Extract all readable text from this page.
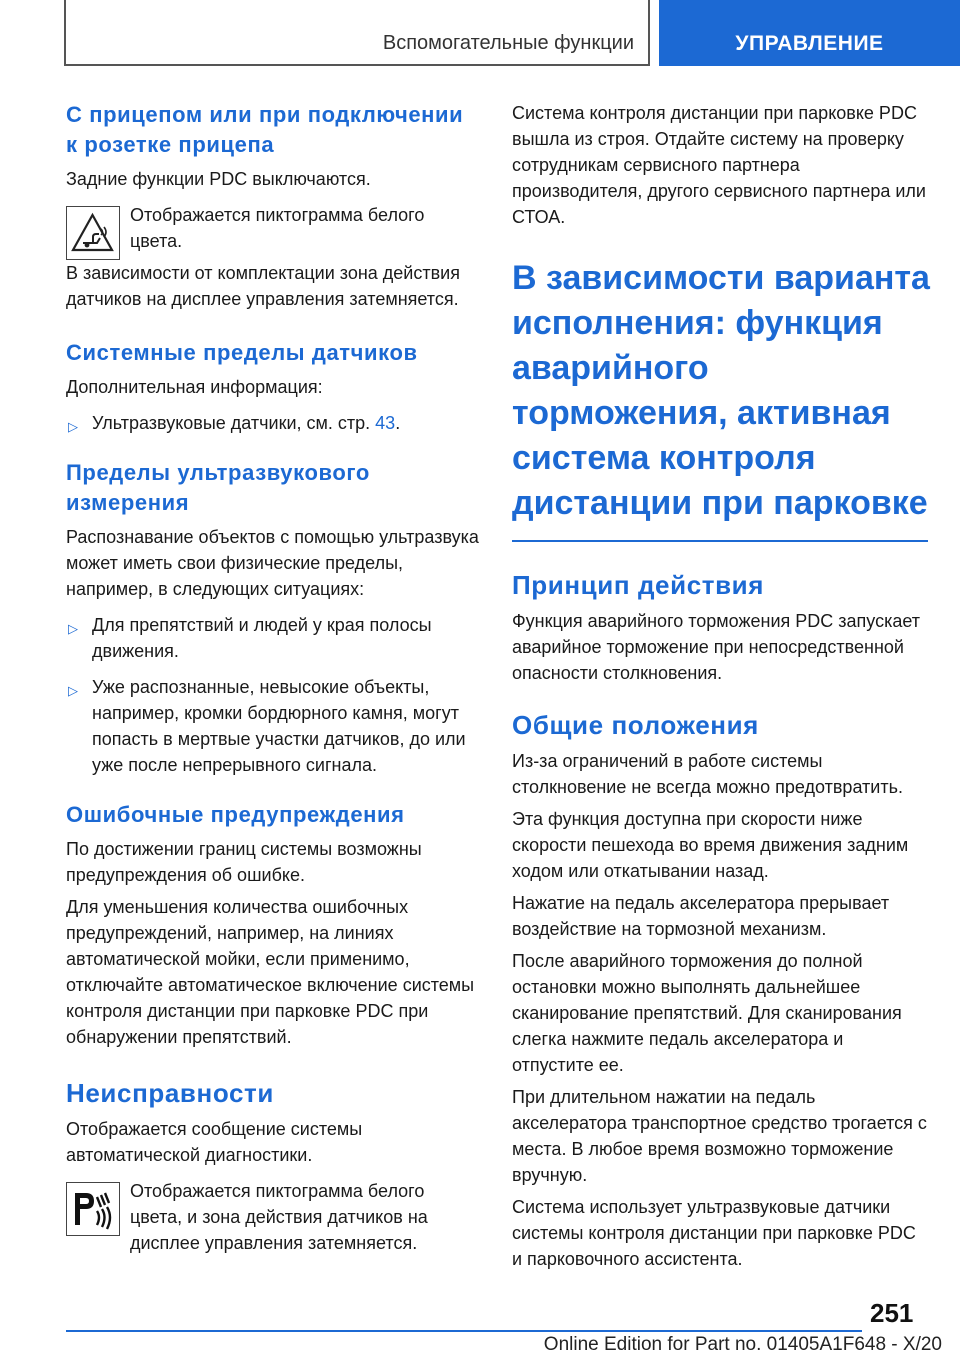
Вспомогательные функции	УПРАВЛЕНИЕ
С прицепом или при подключении к розетке прицепа
Задние функции PDC выключаются.
Отображается пиктограмма белого цвета.
В зависимости от комплектации зона действия датчиков на дисплее управления затемняется.
Системные пределы датчиков
Дополнительная информация:
▷ Ультразвуковые датчики, см. стр. 43.
Пределы ультразвукового измерения
Распознавание объектов с помощью ультразвука может иметь свои физические пределы, например, в следующих ситуациях:
▷ Для препятствий и людей у края полосы движения.
▷ Уже распознанные, невысокие объекты, например, кромки бордюрного камня, могут попасть в мертвые участки датчиков, до или уже после непрерывного сигнала.
Ошибочные предупреждения
По достижении границ системы возможны предупреждения об ошибке.
Для уменьшения количества ошибочных предупреждений, например, на линиях автоматической мойки, если применимо, отключайте автоматическое включение системы контроля дистанции при парковке PDC при обнаружении препятствий.
Неисправности
Отображается сообщение системы автоматической диагностики.
Отображается пиктограмма белого цвета, и зона действия датчиков на дисплее управления затемняется.
Система контроля дистанции при парковке PDC вышла из строя. Отдайте систему на проверку сотрудникам сервисного партнера производителя, другого сервисного партнера или СТОА.
В зависимости варианта исполнения: функция аварийного торможения, активная система контроля дистанции при парковке
Принцип действия
Функция аварийного торможения PDC запускает аварийное торможение при непосредственной опасности столкновения.
Общие положения
Из-за ограничений в работе системы столкновение не всегда можно предотвратить.
Эта функция доступна при скорости ниже скорости пешехода во время движения задним ходом или откатывании назад.
Нажатие на педаль акселератора прерывает воздействие на тормозной механизм.
После аварийного торможения до полной остановки можно выполнять дальнейшее сканирование препятствий. Для сканирования слегка нажмите педаль акселератора и отпустите ее.
При длительном нажатии на педаль акселератора транспортное средство трогается с места. В любое время возможно торможение вручную.
Система использует ультразвуковые датчики системы контроля дистанции при парковке PDC и парковочного ассистента.
251
Online Edition for Part no. 01405A1F648 - X/20
